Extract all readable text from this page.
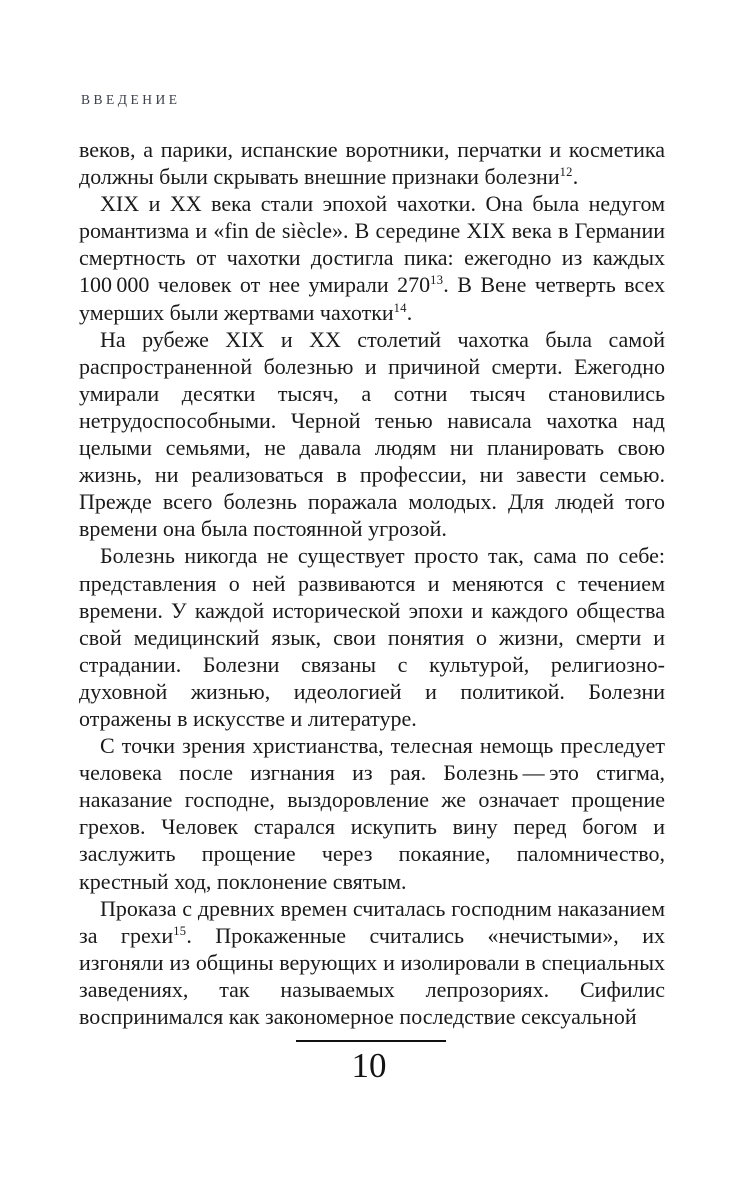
ВВЕДЕНИЕ

веков, а парики, испанские воротники, перчатки и косметика должны были скрывать внешние признаки болезни$^{12}$.

XIX и XX века стали эпохой чахотки. Она была недугом романтизма и «fin de siècle». В середине XIX века в Германии смертность от чахотки достигла пика: ежегодно из каждых 100 000 человек от нее умирали $270^{13}$. В Вене четверть всех умерших были жертвами чахотки$^{14}$.

На рубеже XIX и XX столетий чахотка была самой распространенной болезнью и причиной смерти. Ежегодно умирали десятки тысяч, а сотни тысяч становились нетрудоспособными. Черной тенью нависала чахотка над целыми семьями, не давала людям ни планировать свою жизнь, ни реализоваться в профессии, ни завести семью. Прежде всего болезнь поражала молодых. Для людей того времени она была постоянной угрозой.

Болезнь никогда не существует просто так, сама по себе: представления о ней развиваются и меняются с течением времени. У каждой исторической эпохи и каждого общества свой медицинский язык, свои понятия о жизни, смерти и страдании. Болезни связаны с культурой, религиозно-духовной жизнью, идеологией и политикой. Болезни отражены в искусстве и литературе.

С точки зрения христианства, телесная немощь преследует человека после изгнания из рая. Болезнь — это стигма, наказание господне, выздоровление же означает прощение грехов. Человек старался искупить вину перед богом и заслужить прощение через покаяние, паломничество, крестный ход, поклонение святым.

Проказа с древних времен считалась господним наказанием за грехи$^{15}$. Прокаженные считались «нечистыми», их изгоняли из общины верующих и изолировали в специальных заведениях, так называемых лепрозориях. Сифилис воспринимался как закономерное последствие сексуальной

10
